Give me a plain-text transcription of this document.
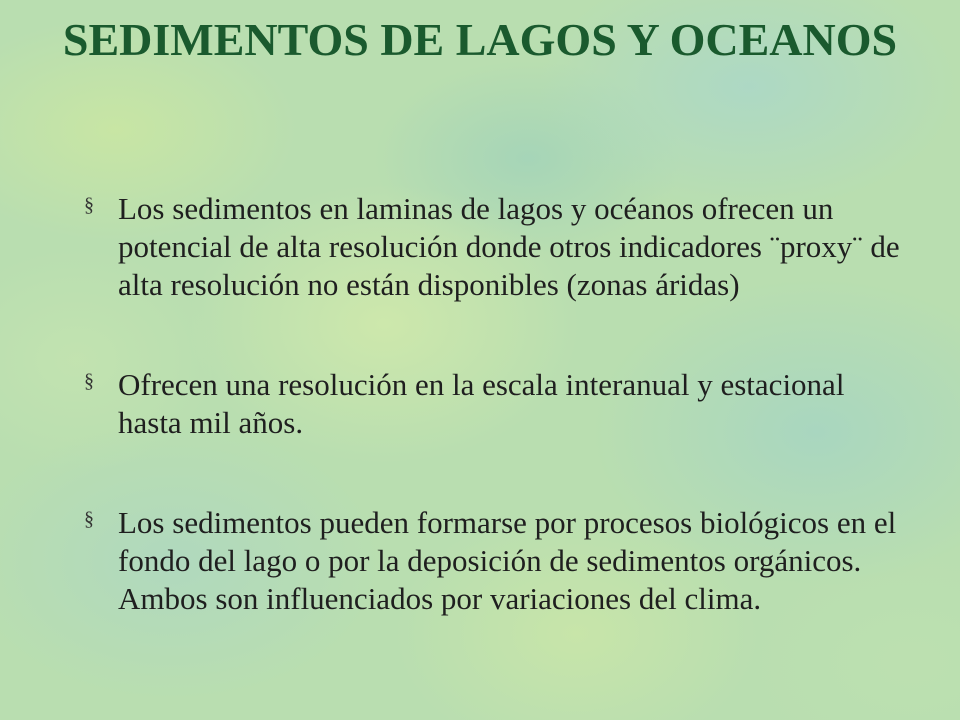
SEDIMENTOS DE LAGOS Y OCEANOS
§ Los sedimentos en laminas de lagos y océanos ofrecen un potencial de alta resolución donde otros indicadores ¨proxy¨ de alta resolución no están disponibles (zonas áridas)
§ Ofrecen una resolución en la escala interanual y estacional hasta mil años.
§ Los sedimentos pueden formarse por procesos biológicos en el fondo del lago o por la deposición de sedimentos orgánicos. Ambos son influenciados por variaciones del clima.
